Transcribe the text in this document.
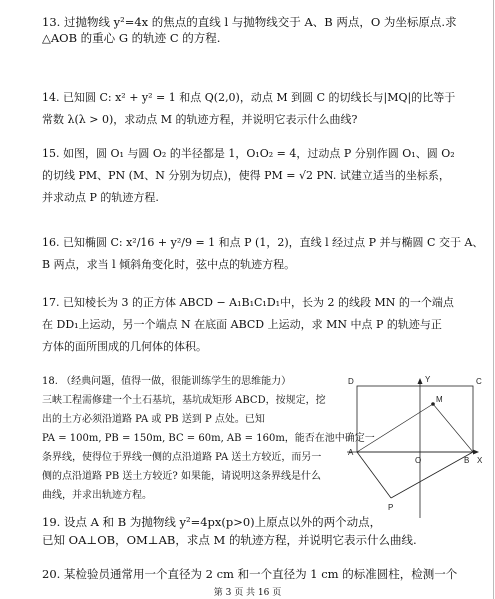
13. 过抛物线 y²=4x 的焦点的直线 l 与抛物线交于 A、B 两点，O 为坐标原点.求
△AOB 的重心 G 的轨迹 C 的方程.
14. 已知圆 C: x² + y² = 1 和点 Q(2,0)，动点 M 到圆 C 的切线长与|MQ|的比等于
常数 λ(λ > 0)，求动点 M 的轨迹方程，并说明它表示什么曲线?
15. 如图，圆 O₁ 与圆 O₂ 的半径都是 1，O₁O₂ = 4，过动点 P 分别作圆 O₁、圆 O₂
的切线 PM、PN (M、N 分别为切点)，使得 PM = √2 PN. 试建立适当的坐标系，
并求动点 P 的轨迹方程.
16. 已知椭圆 C: x²/16 + y²/9 = 1 和点 P (1，2)，直线 l 经过点 P 并与椭圆 C 交于 A、
B 两点，求当 l 倾斜角变化时，弦中点的轨迹方程。
17. 已知棱长为 3 的正方体 ABCD − A₁B₁C₁D₁中，长为 2 的线段 MN 的一个端点
在 DD₁上运动，另一个端点 N 在底面 ABCD 上运动，求 MN 中点 P 的轨迹与正
方体的面所围成的几何体的体积。
18. （经典问题，值得一做，很能训练学生的思维能力）
三峡工程需修建一个土石基坑，基坑成矩形 ABCD，按规定，挖
出的土方必须沿道路 PA 或 PB 送到 P 点处。已知
PA = 100m, PB = 150m, BC = 60m, AB = 160m，能否在池中确定一
条界线，使得位于界线一侧的点沿道路 PA 送土方较近，而另一
侧的点沿道路 PB 送土方较近? 如果能，请说明这条界线是什么
曲线，并求出轨迹方程。
19. 设点 A 和 B 为抛物线 y²=4px(p>0)上原点以外的两个动点，
已知 OA⊥OB，OM⊥AB，求点 M 的轨迹方程，并说明它表示什么曲线.
20. 某检验员通常用一个直径为 2 cm 和一个直径为 1 cm 的标准圆柱，检测一个
Y	C
D
M
A
O	B X
P
第 3 页 共 16 页
